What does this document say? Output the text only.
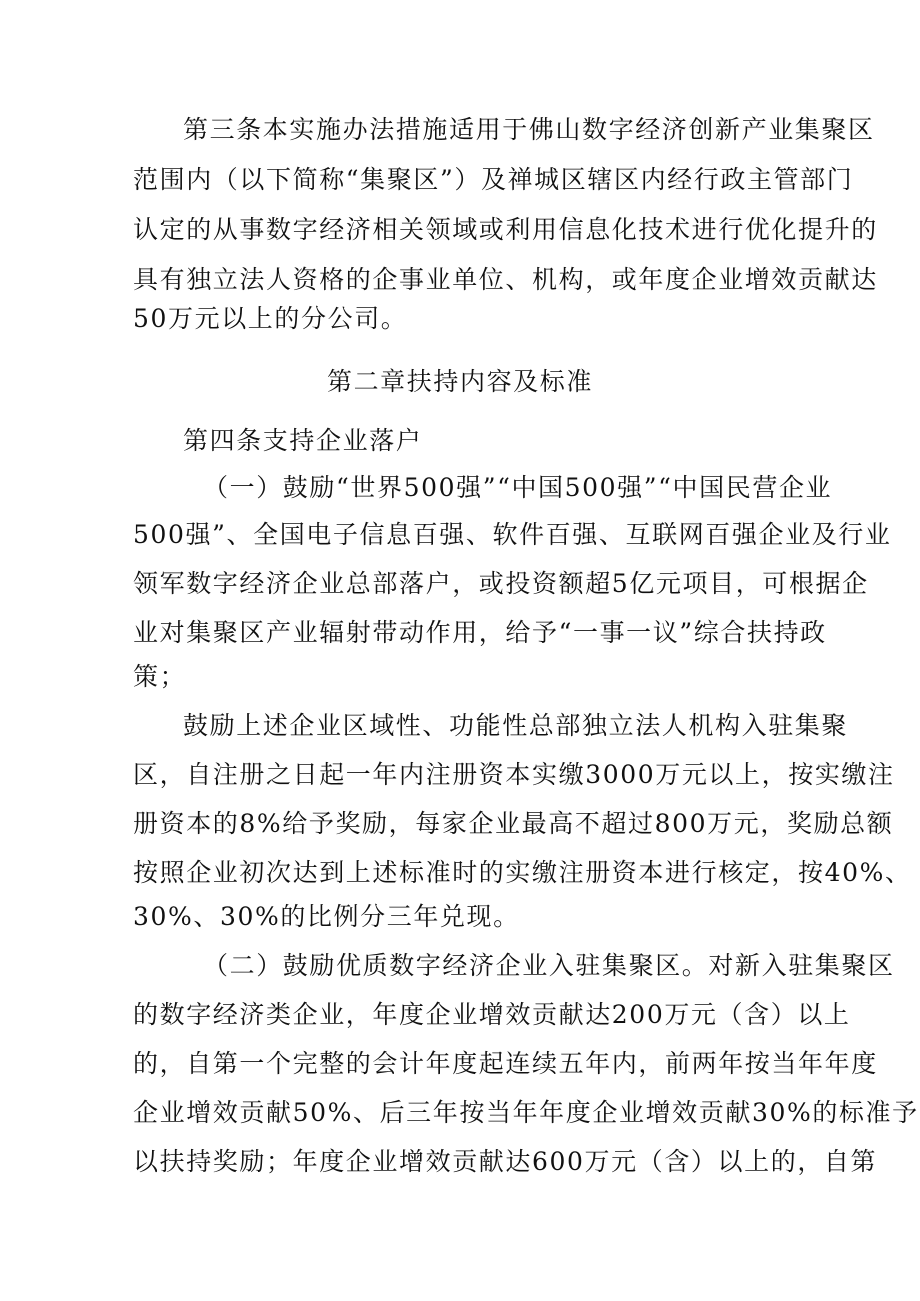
第三条本实施办法措施适用于佛山数字经济创新产业集聚区
范围内（以下简称“集聚区”）及禅城区辖区内经行政主管部门
认定的从事数字经济相关领域或利用信息化技术进行优化提升的
具有独立法人资格的企事业单位、机构，或年度企业增效贡献达
50万元以上的分公司。
第二章扶持内容及标准
第四条支持企业落户
（一）鼓励“世界500强”“中国500强”“中国民营企业
500强”、全国电子信息百强、软件百强、互联网百强企业及行业
领军数字经济企业总部落户，或投资额超5亿元项目，可根据企
业对集聚区产业辐射带动作用，给予“一事一议”综合扶持政
策；
鼓励上述企业区域性、功能性总部独立法人机构入驻集聚
区，自注册之日起一年内注册资本实缴3000万元以上，按实缴注
册资本的8%给予奖励，每家企业最高不超过800万元，奖励总额
按照企业初次达到上述标准时的实缴注册资本进行核定，按40%、
30%、30%的比例分三年兑现。
（二）鼓励优质数字经济企业入驻集聚区。对新入驻集聚区
的数字经济类企业，年度企业增效贡献达200万元（含）以上
的，自第一个完整的会计年度起连续五年内，前两年按当年年度
企业增效贡献50%、后三年按当年年度企业增效贡献30%的标准予
以扶持奖励；年度企业增效贡献达600万元（含）以上的，自第
